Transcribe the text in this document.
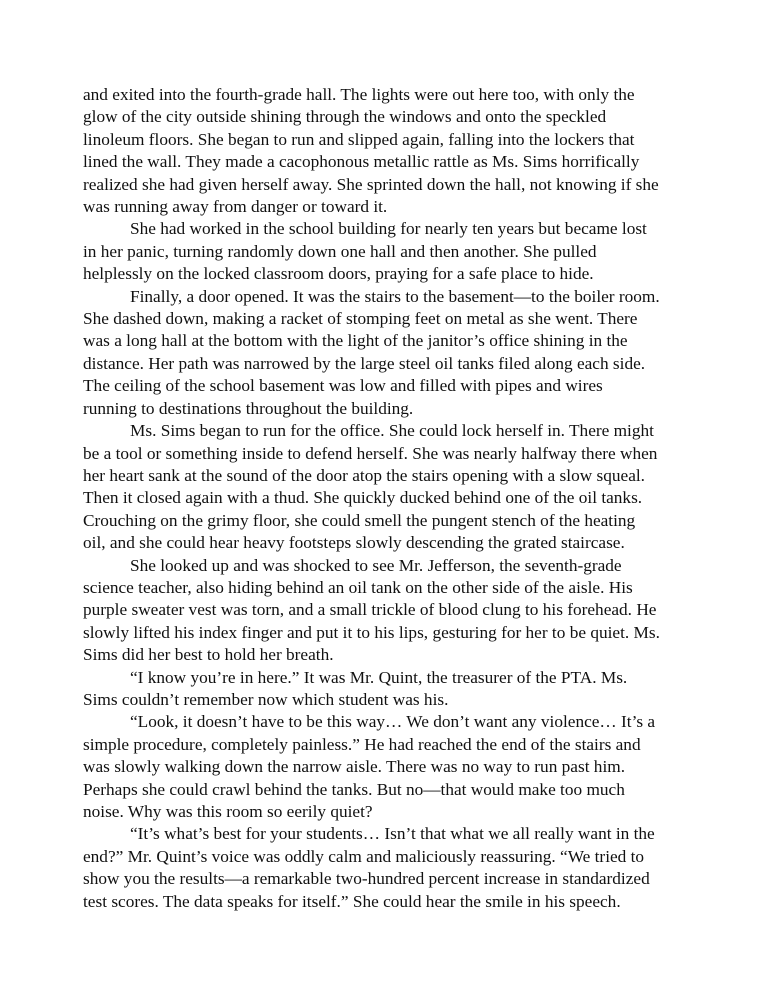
and exited into the fourth-grade hall. The lights were out here too, with only the

glow of the city outside shining through the windows and onto the speckled

linoleum floors. She began to run and slipped again, falling into the lockers that

lined the wall. They made a cacophonous metallic rattle as Ms. Sims horrifically

realized she had given herself away. She sprinted down the hall, not knowing if she

was running away from danger or toward it.

She had worked in the school building for nearly ten years but became lost

in her panic, turning randomly down one hall and then another. She pulled

helplessly on the locked classroom doors, praying for a safe place to hide.

Finally, a door opened. It was the stairs to the basement—to the boiler room.

She dashed down, making a racket of stomping feet on metal as she went. There

was a long hall at the bottom with the light of the janitor’s office shining in the

distance. Her path was narrowed by the large steel oil tanks filed along each side.

The ceiling of the school basement was low and filled with pipes and wires

running to destinations throughout the building.

Ms. Sims began to run for the office. She could lock herself in. There might

be a tool or something inside to defend herself. She was nearly halfway there when

her heart sank at the sound of the door atop the stairs opening with a slow squeal.

Then it closed again with a thud. She quickly ducked behind one of the oil tanks.

Crouching on the grimy floor, she could smell the pungent stench of the heating

oil, and she could hear heavy footsteps slowly descending the grated staircase.

She looked up and was shocked to see Mr. Jefferson, the seventh-grade

science teacher, also hiding behind an oil tank on the other side of the aisle. His

purple sweater vest was torn, and a small trickle of blood clung to his forehead. He

slowly lifted his index finger and put it to his lips, gesturing for her to be quiet. Ms.

Sims did her best to hold her breath.

“I know you’re in here.” It was Mr. Quint, the treasurer of the PTA. Ms.

Sims couldn’t remember now which student was his.

“Look, it doesn’t have to be this way… We don’t want any violence… It’s a

simple procedure, completely painless.” He had reached the end of the stairs and

was slowly walking down the narrow aisle. There was no way to run past him.

Perhaps she could crawl behind the tanks. But no—that would make too much

noise. Why was this room so eerily quiet?

“It’s what’s best for your students… Isn’t that what we all really want in the

end?” Mr. Quint’s voice was oddly calm and maliciously reassuring. “We tried to

show you the results—a remarkable two-hundred percent increase in standardized

test scores. The data speaks for itself.” She could hear the smile in his speech.
